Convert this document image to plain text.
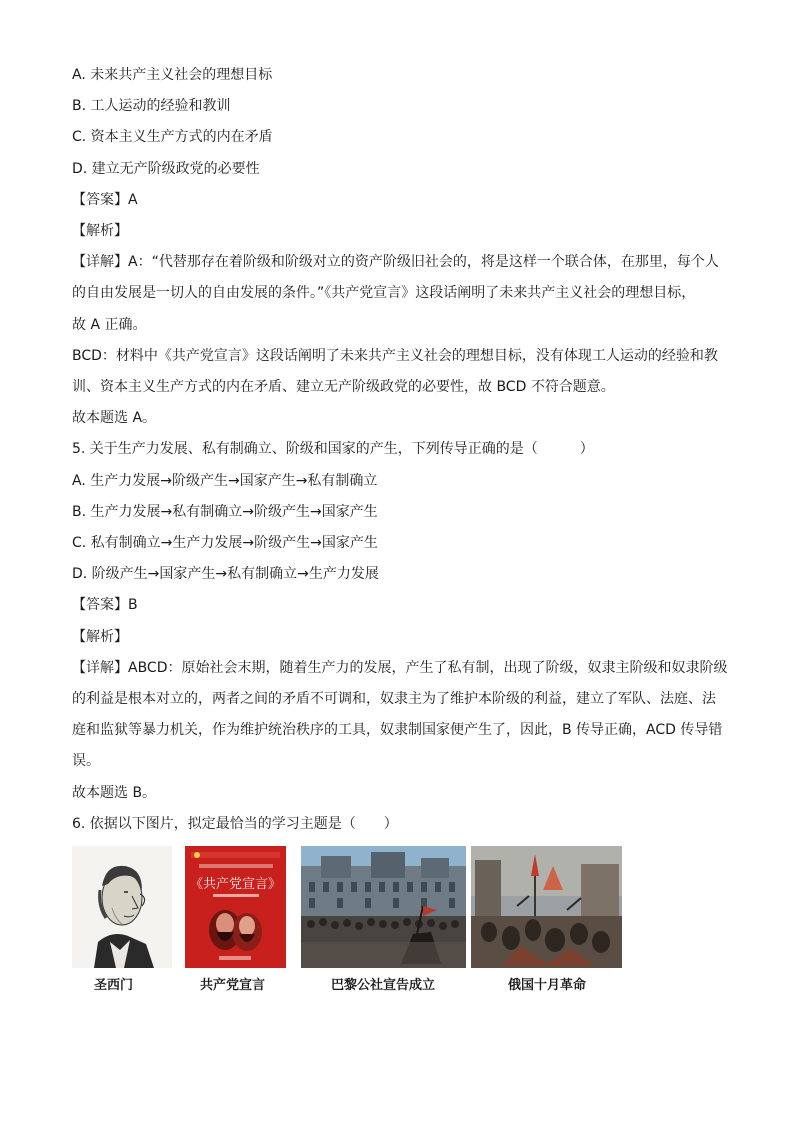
A. 未来共产主义社会的理想目标
B. 工人运动的经验和教训
C. 资本主义生产方式的内在矛盾
D. 建立无产阶级政党的必要性
【答案】A
【解析】
【详解】A：“代替那存在着阶级和阶级对立的资产阶级旧社会的，将是这样一个联合体，在那里，每个人
的自由发展是一切人的自由发展的条件。”《共产党宣言》这段话阐明了未来共产主义社会的理想目标，
故 A 正确。
BCD：材料中《共产党宣言》这段话阐明了未来共产主义社会的理想目标，没有体现工人运动的经验和教
训、资本主义生产方式的内在矛盾、建立无产阶级政党的必要性，故 BCD 不符合题意。
故本题选 A。
5. 关于生产力发展、私有制确立、阶级和国家的产生，下列传导正确的是（　　　）
A. 生产力发展→阶级产生→国家产生→私有制确立
B. 生产力发展→私有制确立→阶级产生→国家产生
C. 私有制确立→生产力发展→阶级产生→国家产生
D. 阶级产生→国家产生→私有制确立→生产力发展
【答案】B
【解析】
【详解】ABCD：原始社会末期，随着生产力的发展，产生了私有制，出现了阶级，奴隶主阶级和奴隶阶级
的利益是根本对立的，两者之间的矛盾不可调和，奴隶主为了维护本阶级的利益，建立了军队、法庭、法
庭和监狱等暴力机关，作为维护统治秩序的工具，奴隶制国家便产生了，因此，B 传导正确，ACD 传导错
误。
故本题选 B。
6. 依据以下图片，拟定最恰当的学习主题是（　　）
圣西门
《共产党宣言》
共产党宣言	巴黎公社宣告成立	俄国十月革命
